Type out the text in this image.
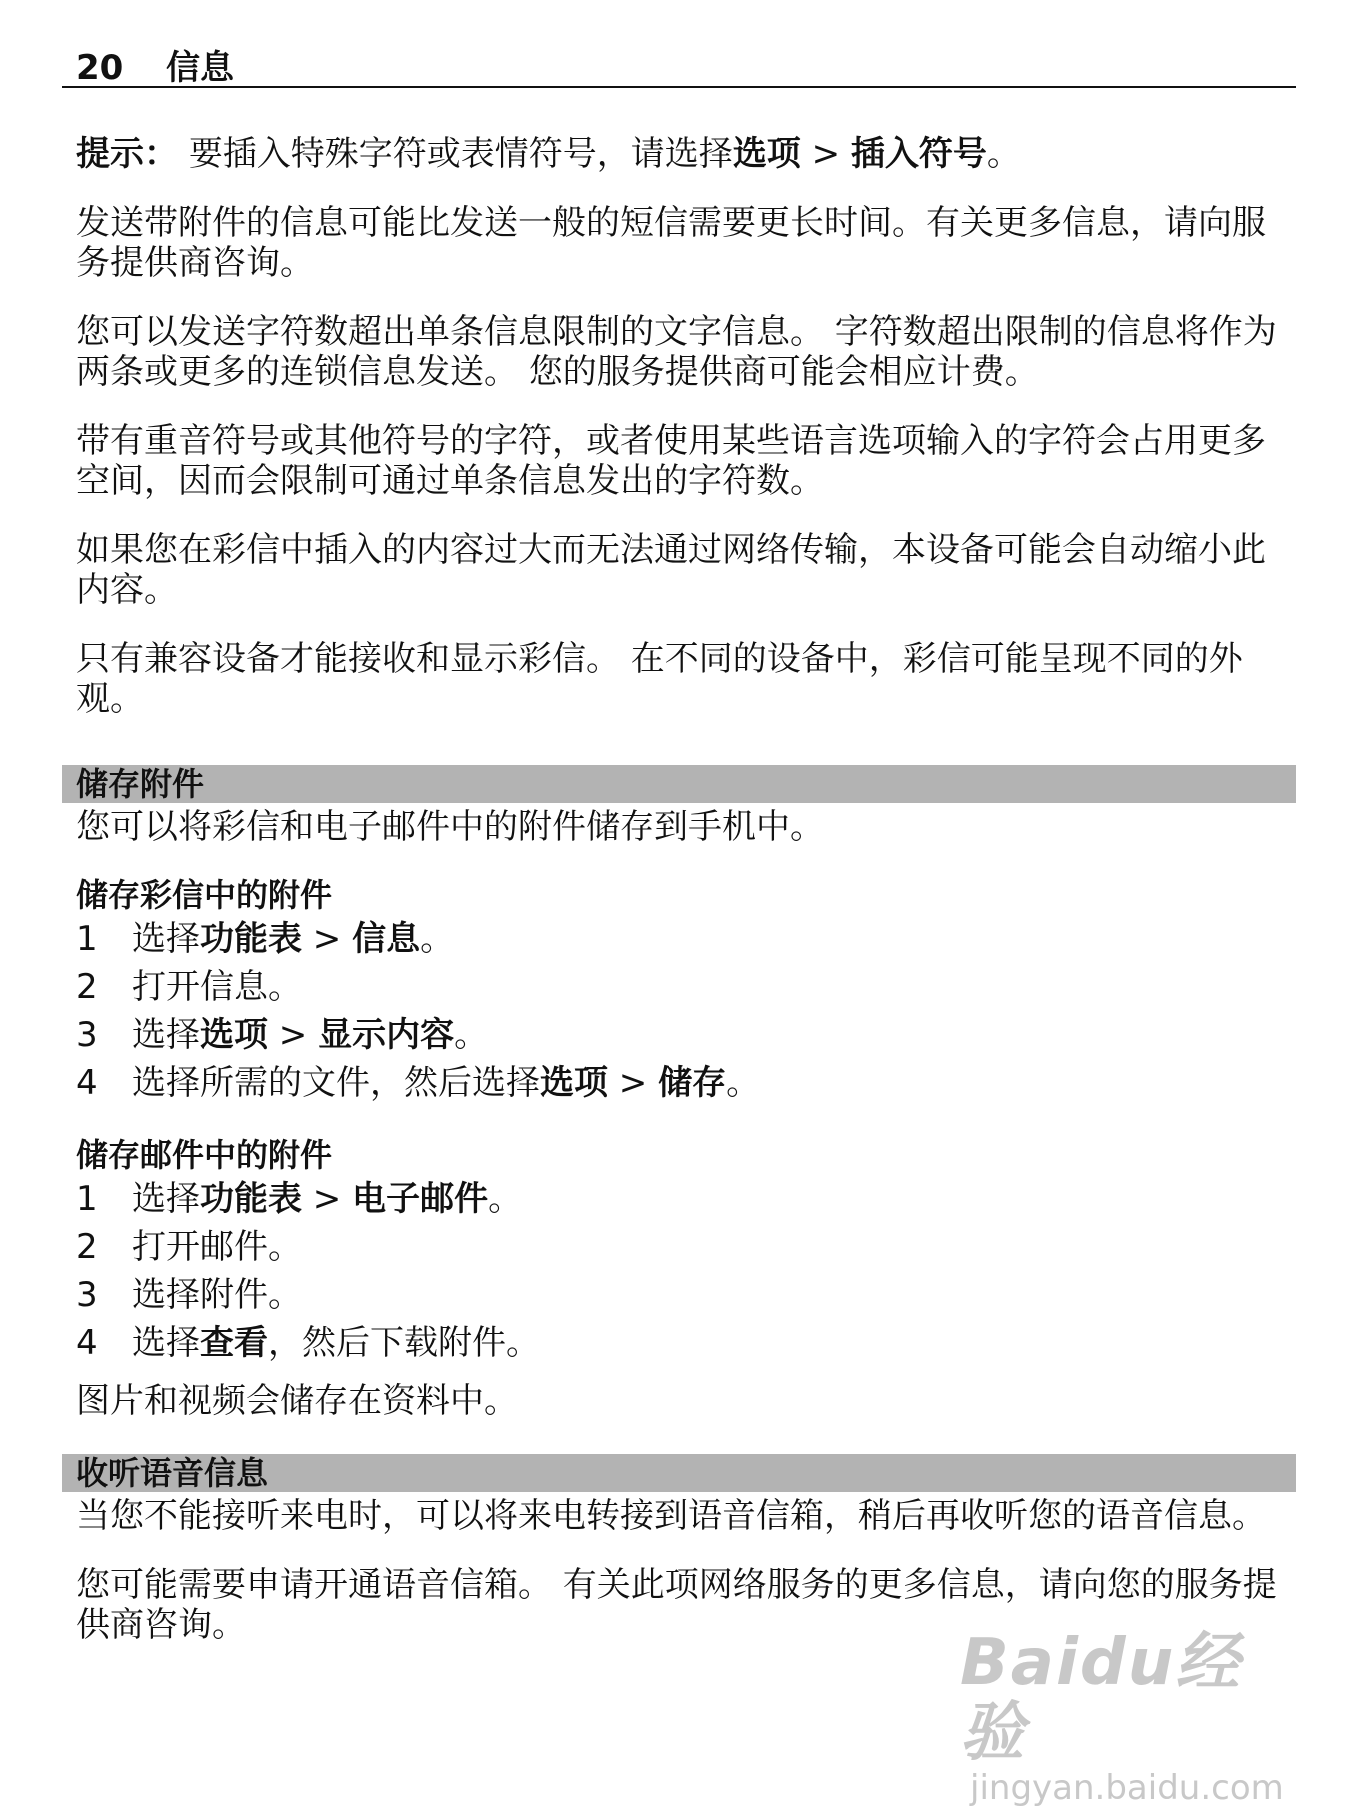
20	信息

提示： 要插入特殊字符或表情符号，请选择选项 > 插入符号。

发送带附件的信息可能比发送一般的短信需要更长时间。有关更多信息，请向服务提供商咨询。

您可以发送字符数超出单条信息限制的文字信息。 字符数超出限制的信息将作为两条或更多的连锁信息发送。 您的服务提供商可能会相应计费。

带有重音符号或其他符号的字符，或者使用某些语言选项输入的字符会占用更多空间，因而会限制可通过单条信息发出的字符数。

如果您在彩信中插入的内容过大而无法通过网络传输，本设备可能会自动缩小此内容。

只有兼容设备才能接收和显示彩信。 在不同的设备中，彩信可能呈现不同的外观。

储存附件

您可以将彩信和电子邮件中的附件储存到手机中。

储存彩信中的附件
1	选择功能表 > 信息。
2	打开信息。
3	选择选项 > 显示内容。
4	选择所需的文件，然后选择选项 > 储存。
储存邮件中的附件
1	选择功能表 > 电子邮件。
2	打开邮件。
3	选择附件。
4	选择查看，然后下载附件。

图片和视频会储存在资料中。

收听语音信息

当您不能接听来电时，可以将来电转接到语音信箱，稍后再收听您的语音信息。

您可能需要申请开通语音信箱。 有关此项网络服务的更多信息，请向您的服务提供商咨询。

Baidu经验
jingyan.baidu.com
